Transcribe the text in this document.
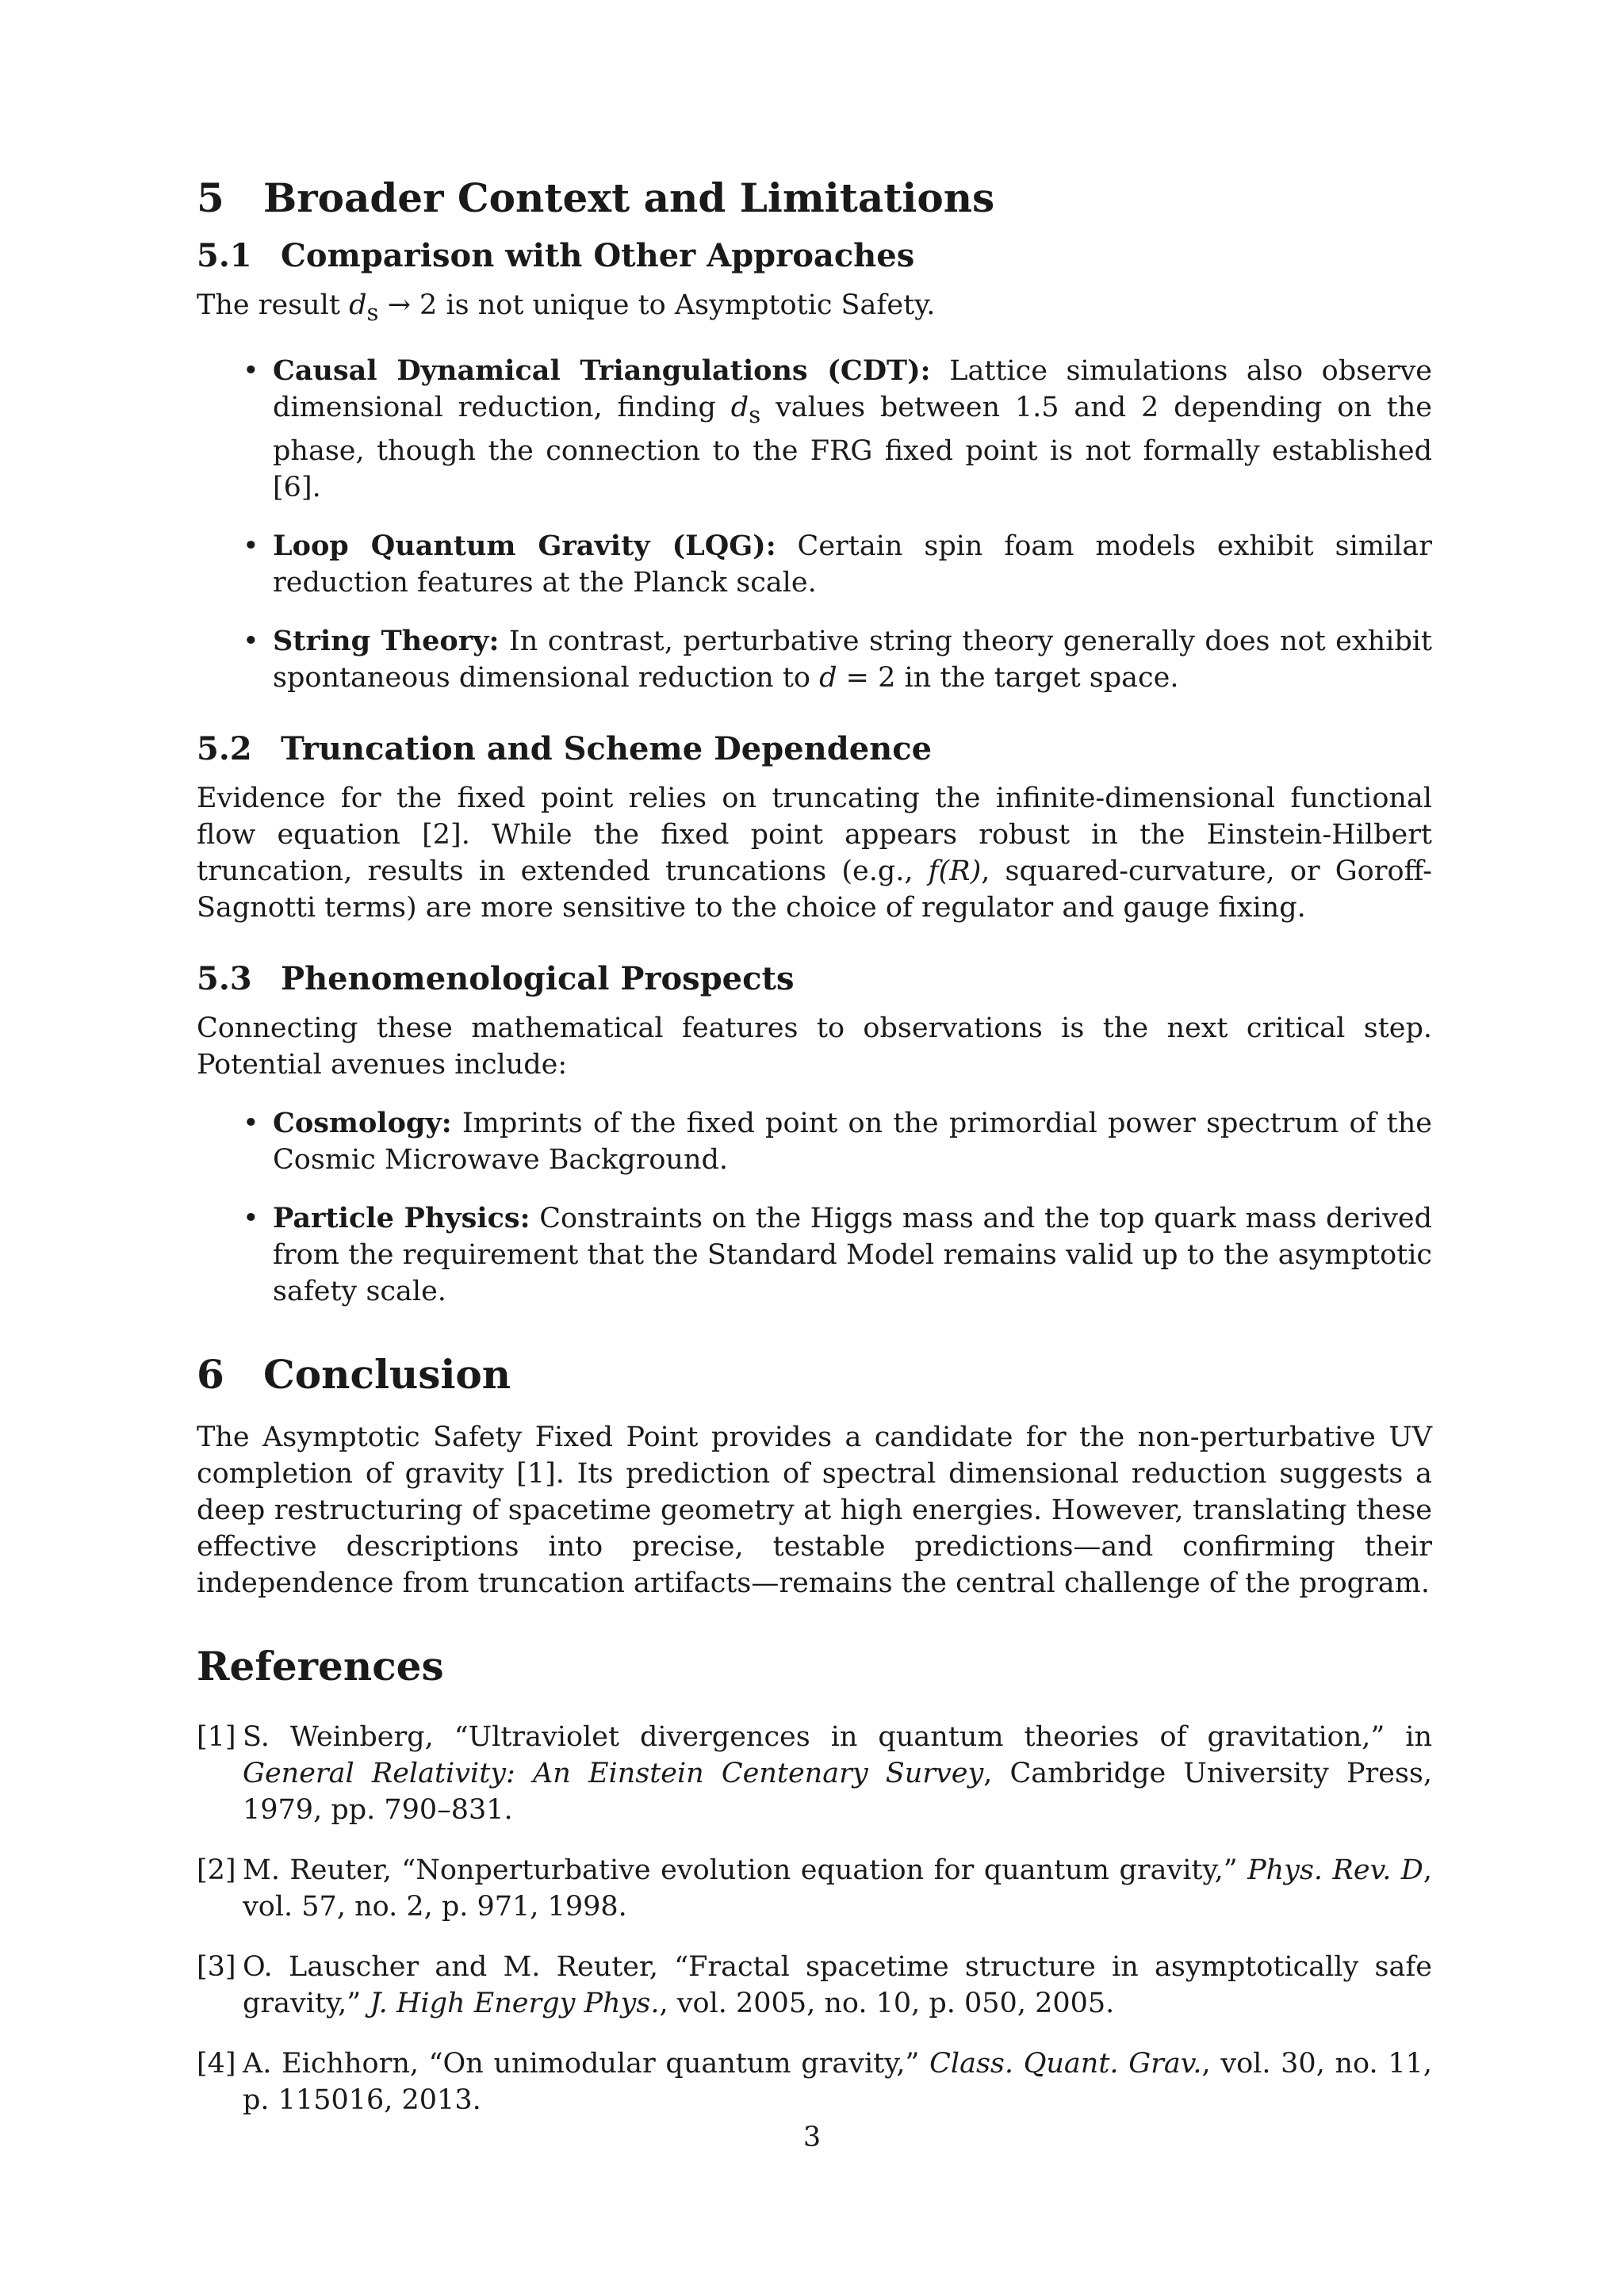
5 Broader Context and Limitations
5.1 Comparison with Other Approaches

The result $d_s \to 2$ is not unique to Asymptotic Safety.

• Causal Dynamical Triangulations (CDT): Lattice simulations also observe dimensional reduction, finding $d_s$ values between 1.5 and 2 depending on the phase, though the connection to the FRG fixed point is not formally established [6].
• Loop Quantum Gravity (LQG): Certain spin foam models exhibit similar reduction features at the Planck scale.
• String Theory: In contrast, perturbative string theory generally does not exhibit spontaneous dimensional reduction to d = 2 in the target space.
5.2 Truncation and Scheme Dependence

Evidence for the fixed point relies on truncating the infinite-dimensional functional flow equation [2]. While the fixed point appears robust in the Einstein-Hilbert truncation, results in extended truncations (e.g., f(R), squared-curvature, or Goroff-Sagnotti terms) are more sensitive to the choice of regulator and gauge fixing.

5.3 Phenomenological Prospects

Connecting these mathematical features to observations is the next critical step. Potential avenues include:

• Cosmology: Imprints of the fixed point on the primordial power spectrum of the Cosmic Microwave Background.
• Particle Physics: Constraints on the Higgs mass and the top quark mass derived from the requirement that the Standard Model remains valid up to the asymptotic safety scale.
6 Conclusion

The Asymptotic Safety Fixed Point provides a candidate for the non-perturbative UV completion of gravity [1]. Its prediction of spectral dimensional reduction suggests a deep restructuring of spacetime geometry at high energies. However, translating these effective descriptions into precise, testable predictions—and confirming their independence from truncation artifacts—remains the central challenge of the program.

References
[1] S. Weinberg, “Ultraviolet divergences in quantum theories of gravitation,” in General Relativity: An Einstein Centenary Survey, Cambridge University Press, 1979, pp. 790–831.
[2] M. Reuter, “Nonperturbative evolution equation for quantum gravity,” Phys. Rev. D, vol. 57, no. 2, p. 971, 1998.
[3] O. Lauscher and M. Reuter, “Fractal spacetime structure in asymptotically safe gravity,” J. High Energy Phys., vol. 2005, no. 10, p. 050, 2005.
[4] A. Eichhorn, “On unimodular quantum gravity,” Class. Quant. Grav., vol. 30, no. 11, p. 115016, 2013.
3
